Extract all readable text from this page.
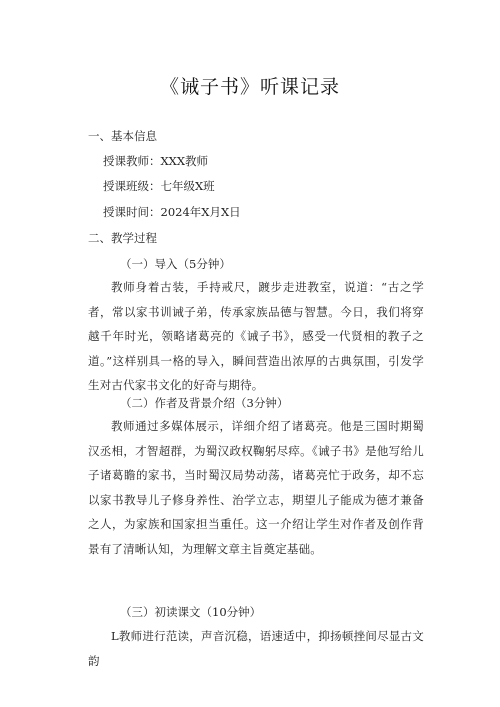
《诫子书》听课记录
一、基本信息
授课教师：XXX教师
授课班级：七年级X班
授课时间：2024年X月X日
二、教学过程
（一）导入（5分钟）
教师身着古装，手持戒尺，踱步走进教室，说道：“古之学者，常以家书训诫子弟，传承家族品德与智慧。今日，我们将穿越千年时光，领略诸葛亮的《诫子书》，感受一代贤相的教子之道。”这样别具一格的导入，瞬间营造出浓厚的古典氛围，引发学生对古代家书文化的好奇与期待。
（二）作者及背景介绍（3分钟）
教师通过多媒体展示，详细介绍了诸葛亮。他是三国时期蜀汉丞相，才智超群，为蜀汉政权鞠躬尽瘁。《诫子书》是他写给儿子诸葛瞻的家书，当时蜀汉局势动荡，诸葛亮忙于政务，却不忘以家书教导儿子修身养性、治学立志，期望儿子能成为德才兼备之人，为家族和国家担当重任。这一介绍让学生对作者及创作背景有了清晰认知，为理解文章主旨奠定基础。
（三）初读课文（10分钟）
L教师进行范读，声音沉稳，语速适中，抑扬顿挫间尽显古文韵
